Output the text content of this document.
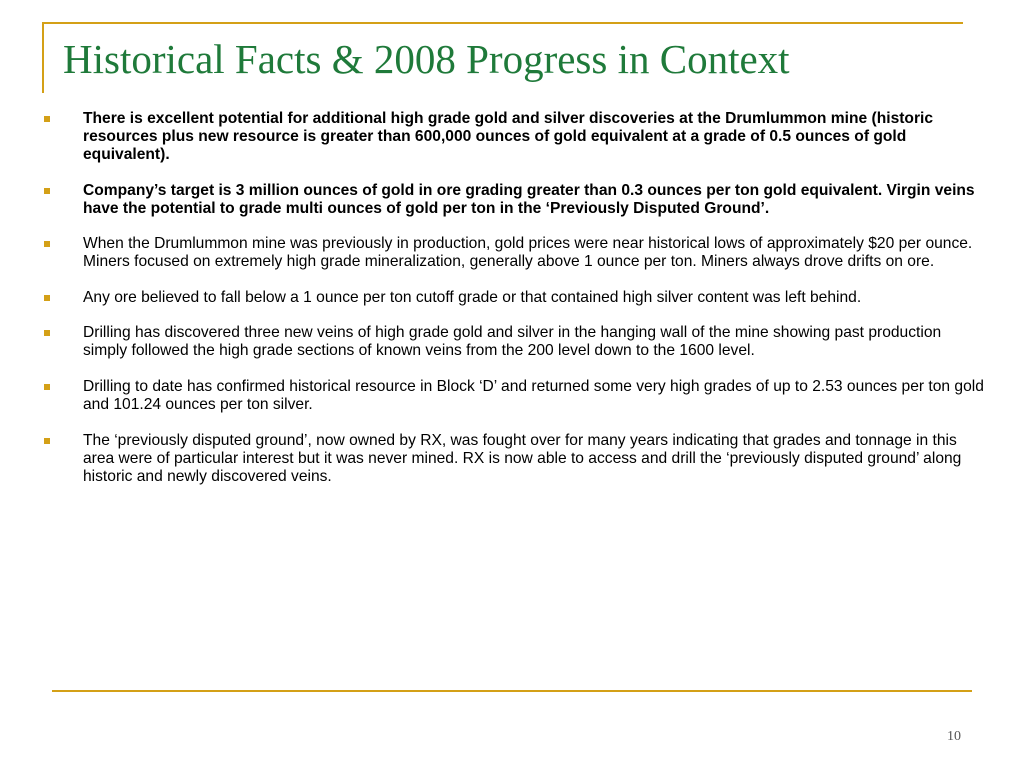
Historical Facts & 2008 Progress in Context
There is excellent potential for additional high grade gold and silver discoveries at the Drumlummon mine (historic resources plus new resource is greater than 600,000 ounces of gold equivalent at a grade of 0.5 ounces of gold equivalent).
Company’s target is 3 million ounces of gold in ore grading greater than 0.3 ounces per ton gold equivalent. Virgin veins have the potential to grade multi ounces of gold per ton in the ‘Previously Disputed Ground’.
When the Drumlummon mine was previously in production, gold prices were near historical lows of approximately $20 per ounce. Miners focused on extremely high grade mineralization, generally above 1 ounce per ton. Miners always drove drifts on ore.
Any ore believed to fall below a 1 ounce per ton cutoff grade or that contained high silver content was left behind.
Drilling has discovered three new veins of high grade gold and silver in the hanging wall of the mine showing past production simply followed the high grade sections of known veins from the 200 level down to the 1600 level.
Drilling to date has confirmed historical resource in Block ‘D’ and returned some very high grades of up to 2.53 ounces per ton gold and 101.24 ounces per ton silver.
The ‘previously disputed ground’, now owned by RX, was fought over for many years indicating that grades and tonnage in this area were of particular interest but it was never mined. RX is now able to access and drill the ‘previously disputed ground’ along historic and newly discovered veins.
10
